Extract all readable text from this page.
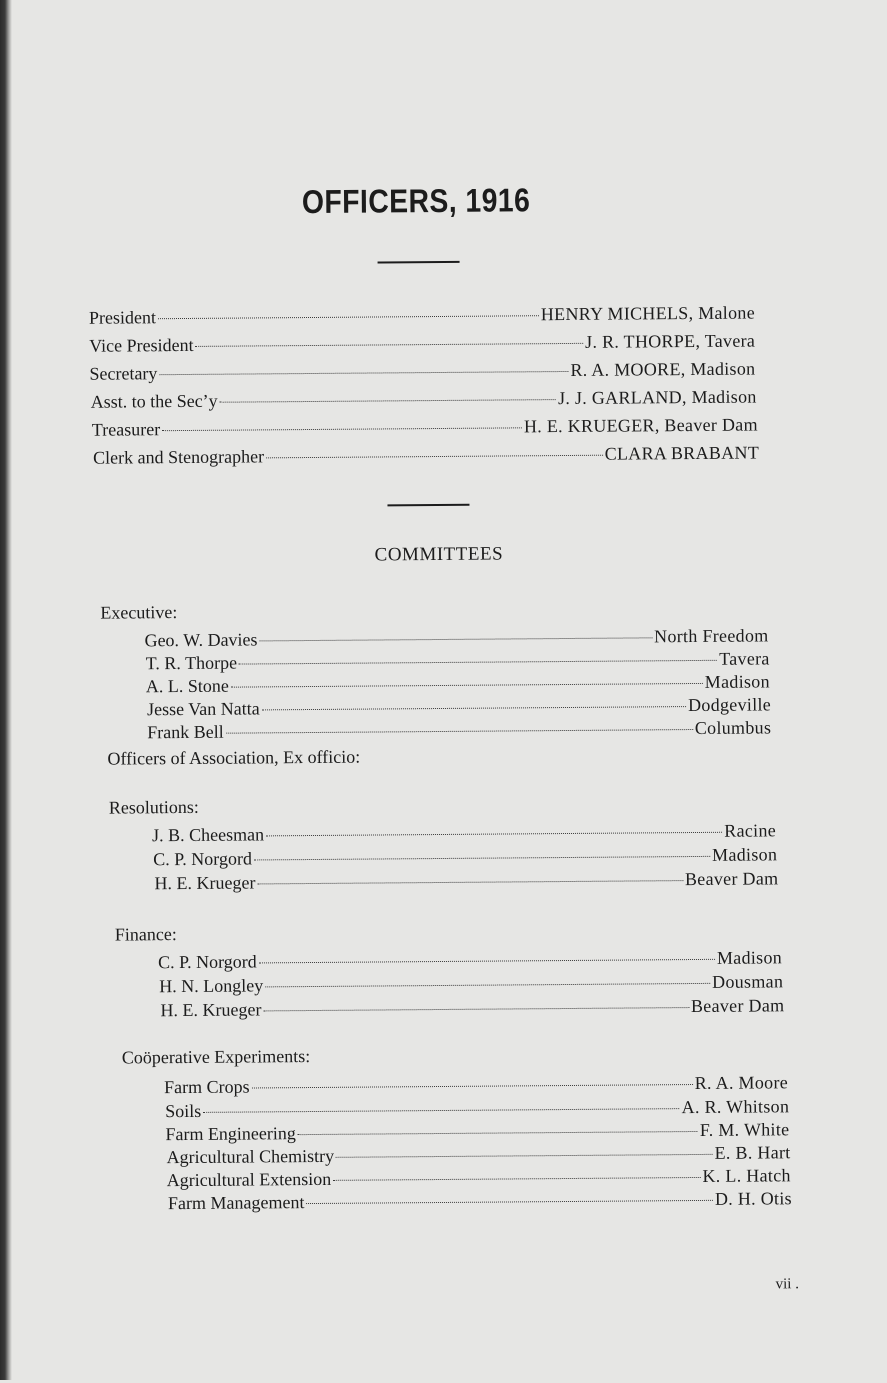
OFFICERS, 1916
President	HENRY MICHELS, Malone
Vice President	J. R. THORPE, Tavera
Secretary	R. A. MOORE, Madison
Asst. to the Sec’y	J. J. GARLAND, Madison
Treasurer	H. E. KRUEGER, Beaver Dam
Clerk and Stenographer	CLARA BRABANT
COMMITTEES
Executive:
Geo. W. Davies	North Freedom
T. R. Thorpe	Tavera
A. L. Stone	Madison
Jesse Van Natta	Dodgeville
Frank Bell	Columbus
Officers of Association, Ex officio:
Resolutions:
J. B. Cheesman	Racine
C. P. Norgord	Madison
H. E. Krueger	Beaver Dam
Finance:
C. P. Norgord	Madison
H. N. Longley	Dousman
H. E. Krueger	Beaver Dam
Coöperative Experiments:
Farm Crops	R. A. Moore
Soils	A. R. Whitson
Farm Engineering	F. M. White
Agricultural Chemistry	E. B. Hart
Agricultural Extension	K. L. Hatch
Farm Management	D. H. Otis
vii .
